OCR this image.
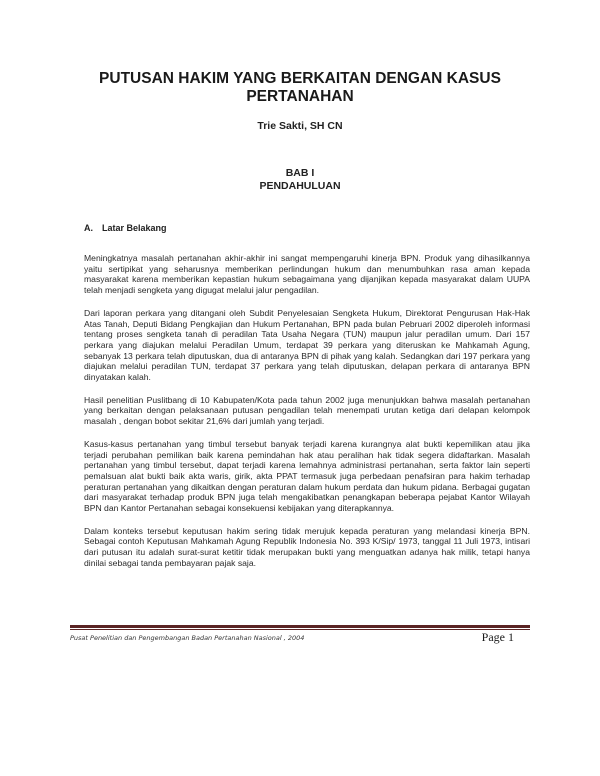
PUTUSAN HAKIM YANG BERKAITAN DENGAN KASUS PERTANAHAN

Trie Sakti, SH CN

BAB I
PENDAHULUAN
A. Latar Belakang

Meningkatnya masalah pertanahan akhir-akhir ini sangat mempengaruhi kinerja BPN. Produk yang dihasilkannya yaitu sertipikat yang seharusnya memberikan perlindungan hukum dan menumbuhkan rasa aman kepada masyarakat karena memberikan kepastian hukum sebagaimana yang dijanjikan kepada masyarakat dalam UUPA telah menjadi sengketa yang digugat melalui jalur pengadilan.

Dari laporan perkara yang ditangani oleh Subdit Penyelesaian Sengketa Hukum, Direktorat Pengurusan Hak-Hak Atas Tanah, Deputi Bidang Pengkajian dan Hukum Pertanahan, BPN pada bulan Pebruari 2002 diperoleh informasi tentang proses sengketa tanah di peradilan Tata Usaha Negara (TUN) maupun jalur peradilan umum. Dari 157 perkara yang diajukan melalui Peradilan Umum, terdapat 39 perkara yang diteruskan ke Mahkamah Agung, sebanyak 13 perkara telah diputuskan, dua di antaranya BPN di pihak yang kalah. Sedangkan dari 197 perkara yang diajukan melalui peradilan TUN, terdapat 37 perkara yang telah diputuskan, delapan perkara di antaranya BPN dinyatakan kalah.

Hasil penelitian Puslitbang di 10 Kabupaten/Kota pada tahun 2002 juga menunjukkan bahwa masalah pertanahan yang berkaitan dengan pelaksanaan putusan pengadilan telah menempati urutan ketiga dari delapan kelompok masalah , dengan bobot sekitar 21,6% dari jumlah yang terjadi.

Kasus-kasus pertanahan yang timbul tersebut banyak terjadi karena kurangnya alat bukti kepemilikan atau jika terjadi perubahan pemilikan baik karena pemindahan hak atau peralihan hak tidak segera didaftarkan. Masalah pertanahan yang timbul tersebut, dapat terjadi karena lemahnya administrasi pertanahan, serta faktor lain seperti pemalsuan alat bukti baik akta waris, girik, akta PPAT termasuk juga perbedaan penafsiran para hakim terhadap peraturan pertanahan yang dikaitkan dengan peraturan dalam hukum perdata dan hukum pidana. Berbagai gugatan dari masyarakat terhadap produk BPN juga telah mengakibatkan penangkapan beberapa pejabat Kantor Wilayah BPN dan Kantor Pertanahan sebagai konsekuensi kebijakan yang diterapkannya.

Dalam konteks tersebut keputusan hakim sering tidak merujuk kepada peraturan yang melandasi kinerja BPN. Sebagai contoh Keputusan Mahkamah Agung Republik Indonesia No. 393 K/Sip/ 1973, tanggal 11 Juli 1973, intisari dari putusan itu adalah surat-surat ketitir tidak merupakan bukti yang menguatkan adanya hak milik, tetapi hanya dinilai sebagai tanda pembayaran pajak saja.

Pusat Penelitian dan Pengembangan Badan Pertanahan Nasional , 2004	Page 1
